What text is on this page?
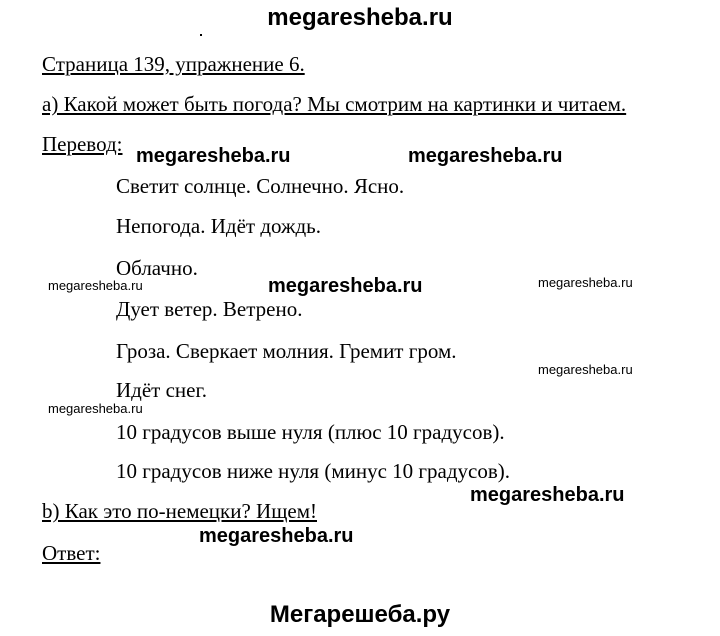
megaresheba.ru
Страница 139, упражнение 6.
а) Какой может быть погода? Мы смотрим на картинки и читаем.
Перевод:
Светит солнце. Солнечно. Ясно.
Непогода. Идёт дождь.
Облачно.
Дует ветер. Ветрено.
Гроза. Сверкает молния. Гремит гром.
Идёт снег.
10 градусов выше нуля (плюс 10 градусов).
10 градусов ниже нуля (минус 10 градусов).
b) Как это по-немецки? Ищем!
Ответ:
megaresheba.ru	megaresheba.ru
megaresheba.ru	megaresheba.ru	megaresheba.ru
megaresheba.ru
megaresheba.ru
megaresheba.ru
megaresheba.ru
Мегарешеба.ру
